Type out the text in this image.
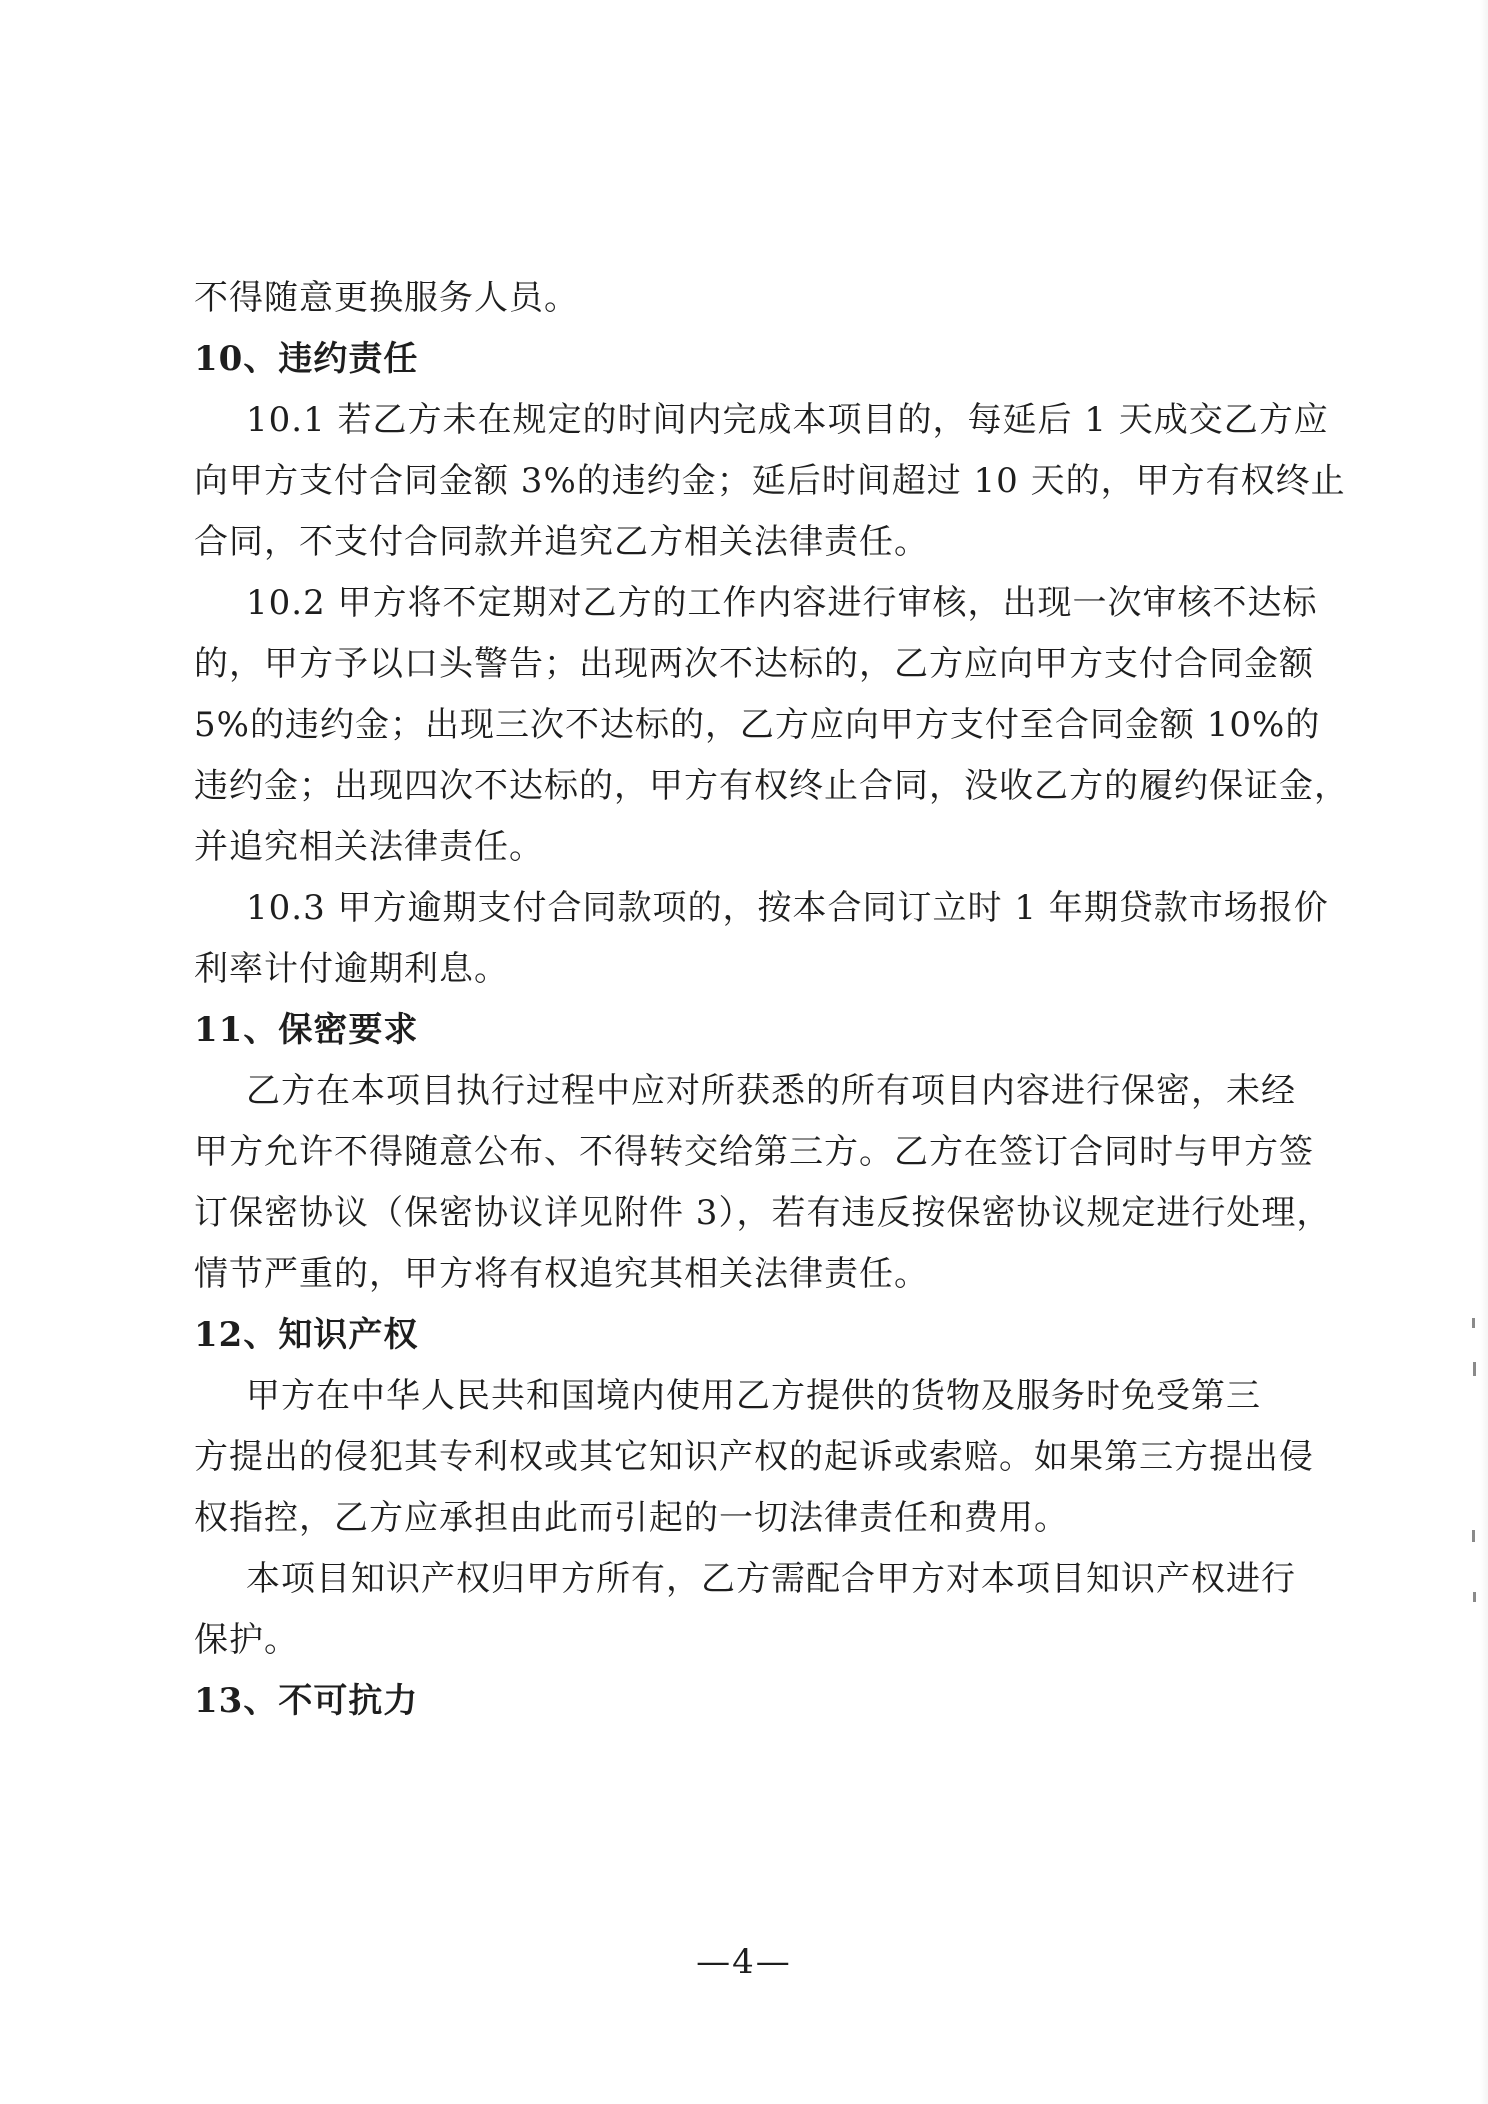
不得随意更换服务人员。
10、违约责任
10.1 若乙方未在规定的时间内完成本项目的，每延后 1 天成交乙方应
向甲方支付合同金额 3%的违约金；延后时间超过 10 天的，甲方有权终止
合同，不支付合同款并追究乙方相关法律责任。
10.2 甲方将不定期对乙方的工作内容进行审核，出现一次审核不达标
的，甲方予以口头警告；出现两次不达标的，乙方应向甲方支付合同金额
5%的违约金；出现三次不达标的，乙方应向甲方支付至合同金额 10%的
违约金；出现四次不达标的，甲方有权终止合同，没收乙方的履约保证金，
并追究相关法律责任。
10.3 甲方逾期支付合同款项的，按本合同订立时 1 年期贷款市场报价
利率计付逾期利息。
11、保密要求
乙方在本项目执行过程中应对所获悉的所有项目内容进行保密，未经
甲方允许不得随意公布、不得转交给第三方。乙方在签订合同时与甲方签
订保密协议（保密协议详见附件 3），若有违反按保密协议规定进行处理，
情节严重的，甲方将有权追究其相关法律责任。
12、知识产权
甲方在中华人民共和国境内使用乙方提供的货物及服务时免受第三
方提出的侵犯其专利权或其它知识产权的起诉或索赔。如果第三方提出侵
权指控，乙方应承担由此而引起的一切法律责任和费用。
本项目知识产权归甲方所有，乙方需配合甲方对本项目知识产权进行
保护。
13、不可抗力
—4—
